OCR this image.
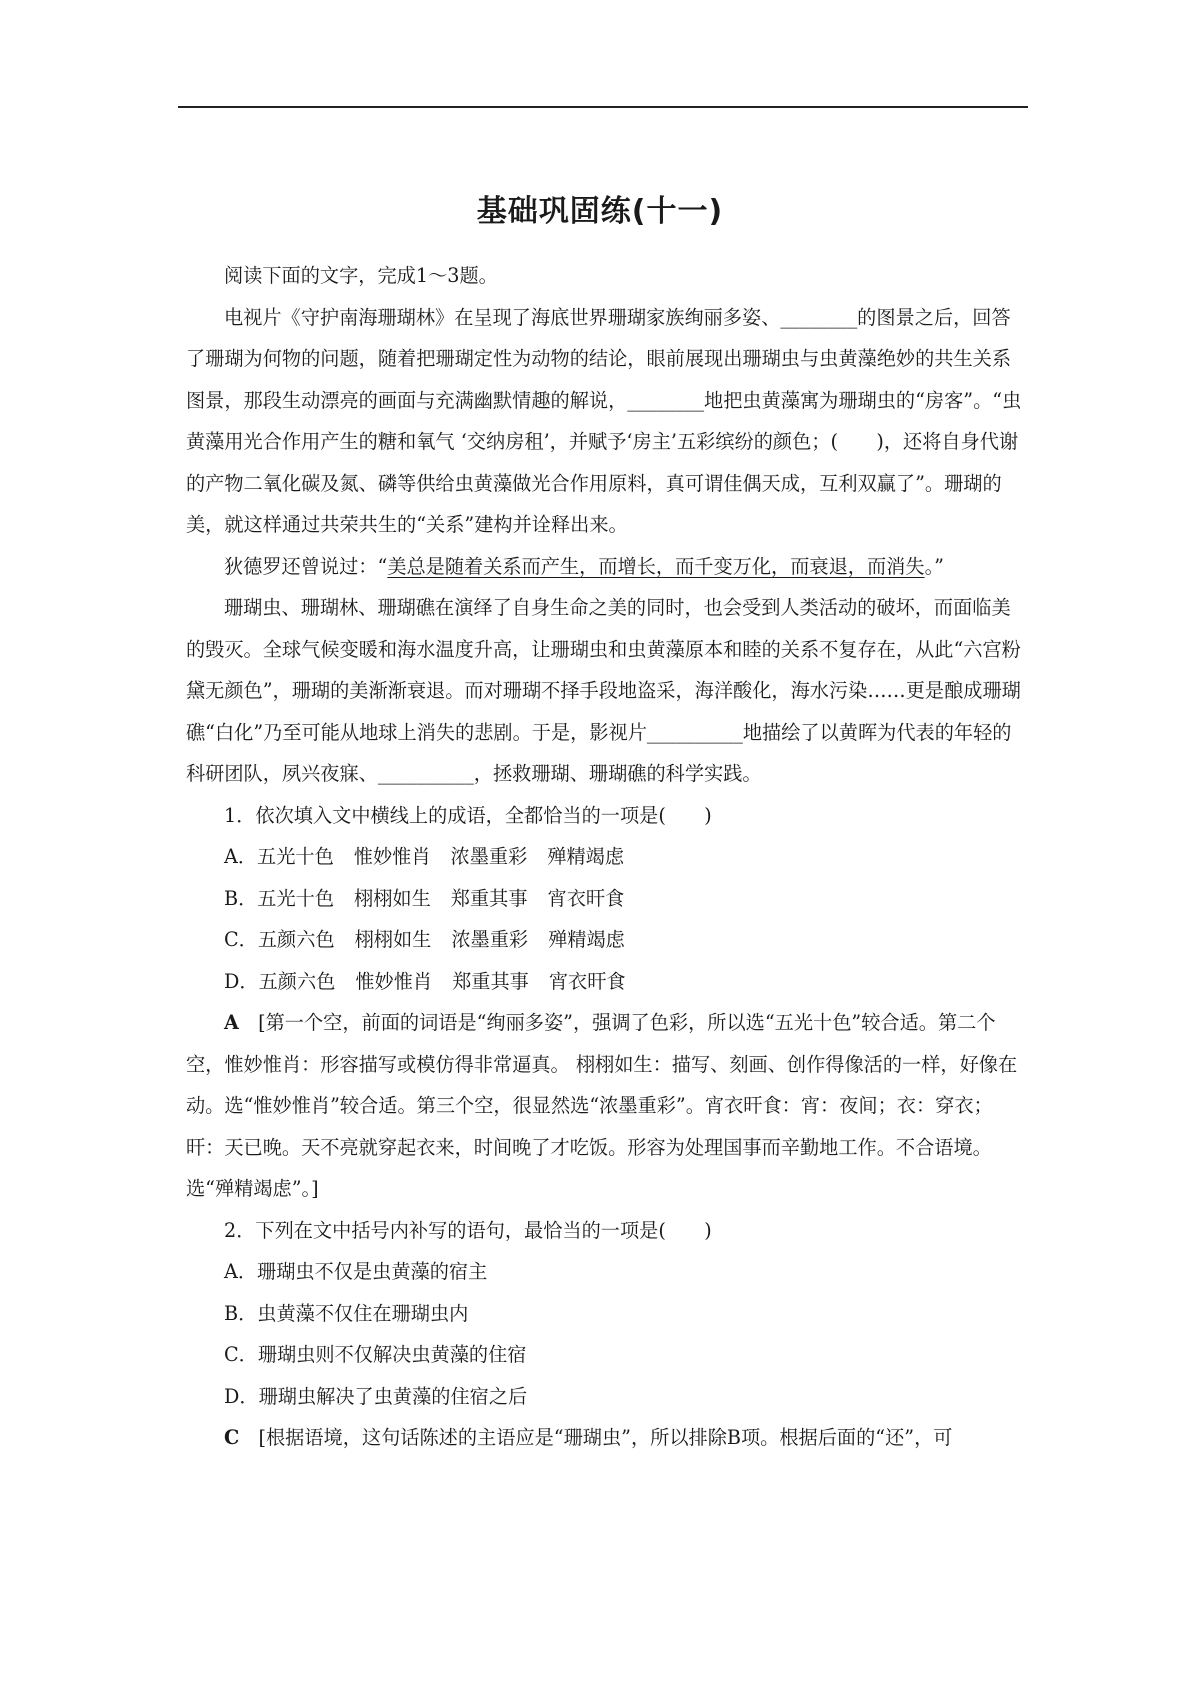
基础巩固练(十一)

阅读下面的文字，完成1～3题。

电视片《守护南海珊瑚林》在呈现了海底世界珊瑚家族绚丽多姿、________的图景之后，回答了珊瑚为何物的问题，随着把珊瑚定性为动物的结论，眼前展现出珊瑚虫与虫黄藻绝妙的共生关系图景，那段生动漂亮的画面与充满幽默情趣的解说，________地把虫黄藻寓为珊瑚虫的“房客”。“虫黄藻用光合作用产生的糖和氧气 ‘交纳房租’，并赋予‘房主’五彩缤纷的颜色；(　　)，还将自身代谢的产物二氧化碳及氮、磷等供给虫黄藻做光合作用原料，真可谓佳偶天成，互利双赢了”。珊瑚的美，就这样通过共荣共生的“关系”建构并诠释出来。

狄德罗还曾说过：“美总是随着关系而产生，而增长，而千变万化，而衰退，而消失。”

珊瑚虫、珊瑚林、珊瑚礁在演绎了自身生命之美的同时，也会受到人类活动的破坏，而面临美的毁灭。全球气候变暖和海水温度升高，让珊瑚虫和虫黄藻原本和睦的关系不复存在，从此“六宫粉黛无颜色”，珊瑚的美渐渐衰退。而对珊瑚不择手段地盗采，海洋酸化，海水污染……更是酿成珊瑚礁“白化”乃至可能从地球上消失的悲剧。于是，影视片__________地描绘了以黄晖为代表的年轻的科研团队，夙兴夜寐、__________，拯救珊瑚、珊瑚礁的科学实践。

1．依次填入文中横线上的成语，全都恰当的一项是(　　)

A．五光十色 惟妙惟肖 浓墨重彩 殚精竭虑

B．五光十色 栩栩如生 郑重其事 宵衣旰食

C．五颜六色 栩栩如生 浓墨重彩 殚精竭虑

D．五颜六色 惟妙惟肖 郑重其事 宵衣旰食

A　 [第一个空，前面的词语是“绚丽多姿”，强调了色彩，所以选“五光十色”较合适。第二个空，惟妙惟肖：形容描写或模仿得非常逼真。 栩栩如生：描写、刻画、创作得像活的一样，好像在动。选“惟妙惟肖”较合适。第三个空，很显然选“浓墨重彩”。宵衣旰食：宵：夜间；衣：穿衣；旰：天已晚。天不亮就穿起衣来，时间晚了才吃饭。形容为处理国事而辛勤地工作。不合语境。选“殚精竭虑”。]

2．下列在文中括号内补写的语句，最恰当的一项是(　　)

A．珊瑚虫不仅是虫黄藻的宿主

B．虫黄藻不仅住在珊瑚虫内

C．珊瑚虫则不仅解决虫黄藻的住宿

D．珊瑚虫解决了虫黄藻的住宿之后

C　 [根据语境，这句话陈述的主语应是“珊瑚虫”，所以排除B项。根据后面的“还”，可
